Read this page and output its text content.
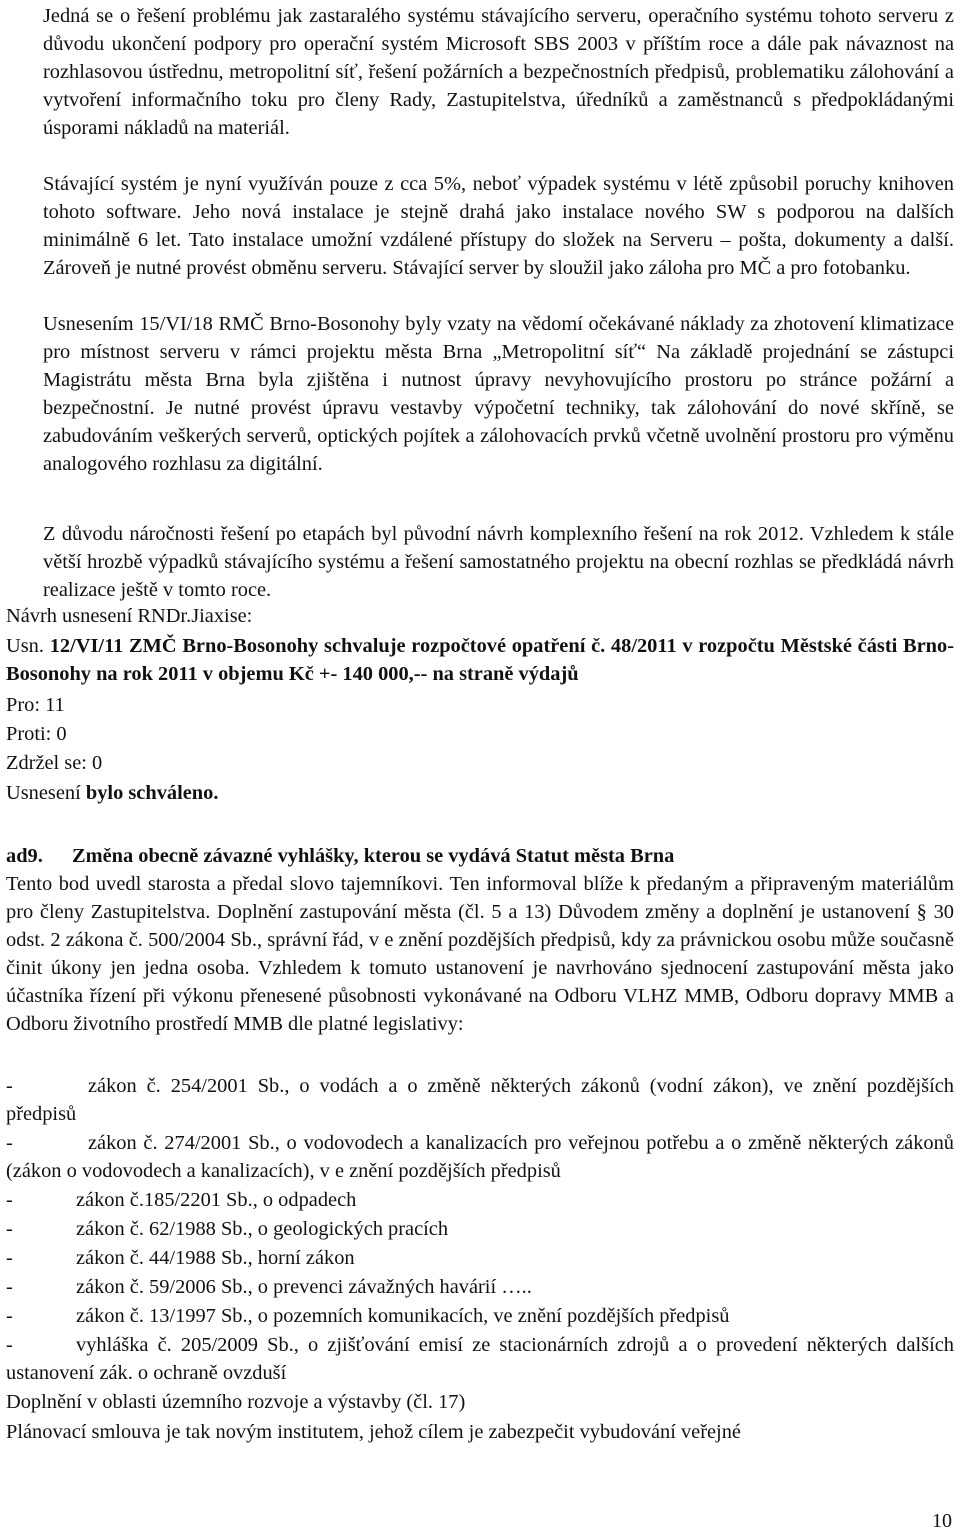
Jedná se o řešení problému jak zastaralého systému stávajícího serveru, operačního systému tohoto serveru z důvodu ukončení podpory pro operační systém Microsoft SBS 2003 v příštím roce a dále pak návaznost na rozhlasovou ústřednu, metropolitní síť, řešení požárních a bezpečnostních předpisů, problematiku zálohování a vytvoření informačního toku pro členy Rady, Zastupitelstva, úředníků a zaměstnanců s předpokládanými úsporami nákladů na materiál.
Stávající systém je nyní využíván pouze z cca 5%, neboť výpadek systému v létě způsobil poruchy knihoven tohoto software. Jeho nová instalace je stejně drahá jako instalace nového SW s podporou na dalších minimálně 6 let. Tato instalace umožní vzdálené přístupy do složek na Serveru – pošta, dokumenty a další. Zároveň je nutné provést obměnu serveru. Stávající server by sloužil jako záloha pro MČ a pro fotobanku.
Usnesením 15/VI/18 RMČ Brno-Bosonohy byly vzaty na vědomí očekávané náklady za zhotovení klimatizace pro místnost serveru v rámci projektu města Brna „Metropolitní síť“ Na základě projednání se zástupci Magistrátu města Brna byla zjištěna i nutnost úpravy nevyhovujícího prostoru po stránce požární a bezpečnostní. Je nutné provést úpravu vestavby výpočetní techniky, tak zálohování do nové skříně, se zabudováním veškerých serverů, optických pojítek a zálohovacích prvků včetně uvolnění prostoru pro výměnu analogového rozhlasu za digitální.
Z důvodu náročnosti řešení po etapách byl původní návrh komplexního řešení na rok 2012. Vzhledem k stále větší hrozbě výpadků stávajícího systému a řešení samostatného projektu na obecní rozhlas se předkládá návrh realizace ještě v tomto roce.
Návrh usnesení RNDr.Jiaxise:
Usn. 12/VI/11 ZMČ Brno-Bosonohy schvaluje rozpočtové opatření č. 48/2011 v rozpočtu Městské části Brno-Bosonohy na rok 2011 v objemu Kč +- 140 000,-- na straně výdajů
Pro: 11
Proti: 0
Zdržel se: 0
Usnesení bylo schváleno.
ad9. Změna obecně závazné vyhlášky, kterou se vydává Statut města Brna
Tento bod uvedl starosta a předal slovo tajemníkovi. Ten informoval blíže k předaným a připraveným materiálům pro členy Zastupitelstva. Doplnění zastupování města (čl. 5 a 13) Důvodem změny a doplnění je ustanovení § 30 odst. 2 zákona č. 500/2004 Sb., správní řád, v e znění pozdějších předpisů, kdy za právnickou osobu může současně činit úkony jen jedna osoba. Vzhledem k tomuto ustanovení je navrhováno sjednocení zastupování města jako účastníka řízení při výkonu přenesené působnosti vykonávané na Odboru VLHZ MMB, Odboru dopravy MMB a Odboru životního prostředí MMB dle platné legislativy:
-	zákon č. 254/2001 Sb., o vodách a o změně některých zákonů (vodní zákon), ve znění pozdějších předpisů
-	zákon č. 274/2001 Sb., o vodovodech a kanalizacích pro veřejnou potřebu a o změně některých zákonů (zákon o vodovodech a kanalizacích), v e znění pozdějších předpisů
-	zákon č.185/2201 Sb., o odpadech
-	zákon č. 62/1988 Sb., o geologických pracích
-	zákon č. 44/1988 Sb., horní zákon
-	zákon č. 59/2006 Sb., o prevenci závažných havárií …..
-	zákon č. 13/1997 Sb., o pozemních komunikacích, ve znění pozdějších předpisů
-	vyhláška č. 205/2009 Sb., o zjišťování emisí ze stacionárních zdrojů a o provedení některých dalších ustanovení zák. o ochraně ovzduší
Doplnění v oblasti územního rozvoje a výstavby (čl. 17)
Plánovací smlouva je tak novým institutem, jehož cílem je zabezpečit vybudování veřejné
10
